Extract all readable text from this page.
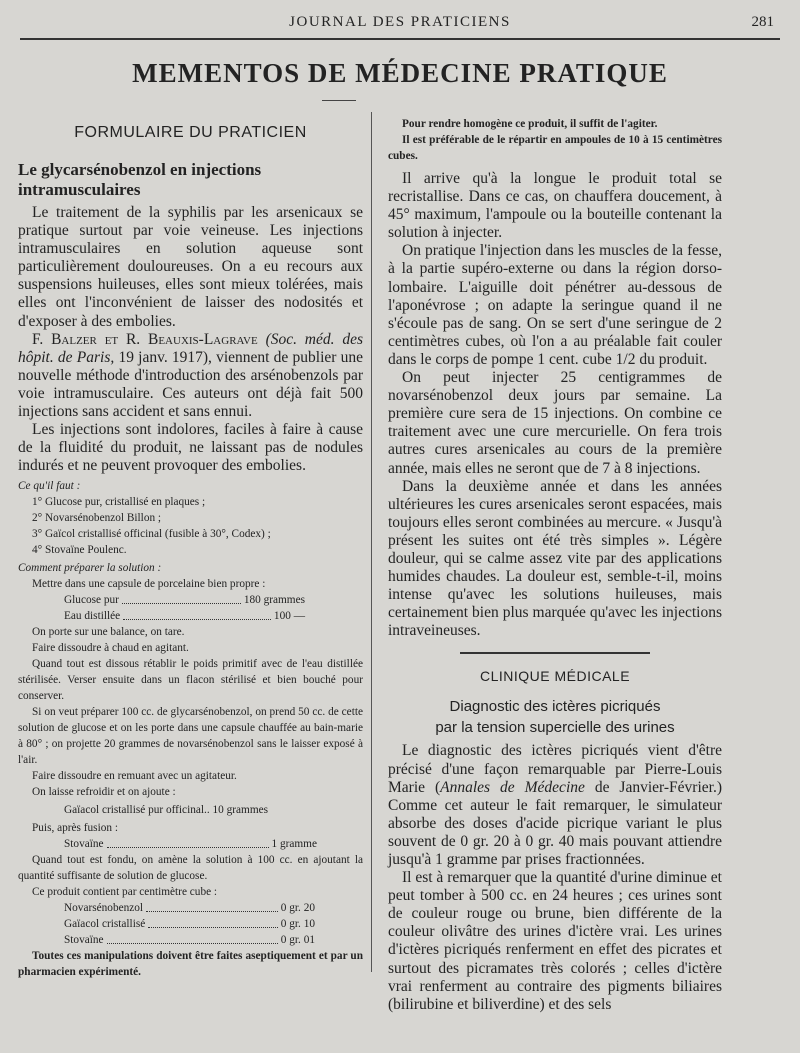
JOURNAL DES PRATICIENS	281
MEMENTOS DE MÉDECINE PRATIQUE
FORMULAIRE DU PRATICIEN
Le glycarsénobenzol en injections intramusculaires

Le traitement de la syphilis par les arsenicaux se pratique surtout par voie veineuse. Les injections intramusculaires en solution aqueuse sont particulièrement douloureuses. On a eu recours aux suspensions huileuses, elles sont mieux tolérées, mais elles ont l'inconvénient de laisser des nodosités et d'exposer à des embolies.

F. Balzer et R. Beauxis-Lagrave (Soc. méd. des hôpit. de Paris, 19 janv. 1917), viennent de publier une nouvelle méthode d'introduction des arsénobenzols par voie intramusculaire. Ces auteurs ont déjà fait 500 injections sans accident et sans ennui.

Les injections sont indolores, faciles à faire à cause de la fluidité du produit, ne laissant pas de nodules indurés et ne peuvent provoquer des embolies.

Ce qu'il faut :

1° Glucose pur, cristallisé en plaques ;

2° Novarsénobenzol Billon ;

3° Gaïcol cristallisé officinal (fusible à 30°, Codex) ;

4° Stovaïne Poulenc.

Comment préparer la solution :

Mettre dans une capsule de porcelaine bien propre :

Glucose pur	180 grammes
Eau distillée	100 —

On porte sur une balance, on tare.

Faire dissoudre à chaud en agitant.

Quand tout est dissous rétablir le poids primitif avec de l'eau distillée stérilisée. Verser ensuite dans un flacon stérilisé et bien bouché pour conserver.

Si on veut préparer 100 cc. de glycarsénobenzol, on prend 50 cc. de cette solution de glucose et on les porte dans une capsule chauffée au bain-marie à 80° ; on projette 20 grammes de novarsénobenzol sans le laisser exposé à l'air.

Faire dissoudre en remuant avec un agitateur.

On laisse refroidir et on ajoute :

Gaïacol cristallisé pur officinal.. 10 grammes

Puis, après fusion :

Stovaïne	1 gramme

Quand tout est fondu, on amène la solution à 100 cc. en ajoutant la quantité suffisante de solution de glucose.

Ce produit contient par centimètre cube :

Novarsénobenzol	0 gr. 20
Gaïacol cristallisé	0 gr. 10
Stovaïne	0 gr. 01

Toutes ces manipulations doivent être faites aseptiquement et par un pharmacien expérimenté.

Pour rendre homogène ce produit, il suffit de l'agiter.

Il est préférable de le répartir en ampoules de 10 à 15 centimètres cubes.

Il arrive qu'à la longue le produit total se recristallise. Dans ce cas, on chauffera doucement, à 45° maximum, l'ampoule ou la bouteille contenant la solution à injecter.

On pratique l'injection dans les muscles de la fesse, à la partie supéro-externe ou dans la région dorso-lombaire. L'aiguille doit pénétrer au-dessous de l'aponévrose ; on adapte la seringue quand il ne s'écoule pas de sang. On se sert d'une seringue de 2 centimètres cubes, où l'on a au préalable fait couler dans le corps de pompe 1 cent. cube 1/2 du produit.

On peut injecter 25 centigrammes de novarsénobenzol deux jours par semaine. La première cure sera de 15 injections. On combine ce traitement avec une cure mercurielle. On fera trois autres cures arsenicales au cours de la première année, mais elles ne seront que de 7 à 8 injections.

Dans la deuxième année et dans les années ultérieures les cures arsenicales seront espacées, mais toujours elles seront combinées au mercure. « Jusqu'à présent les suites ont été très simples ». Légère douleur, qui se calme assez vite par des applications humides chaudes. La douleur est, semble-t-il, moins intense qu'avec les solutions huileuses, mais certainement bien plus marquée qu'avec les injections intraveineuses.

CLINIQUE MÉDICALE
Diagnostic des ictères picriqués
par la tension supercielle des urines

Le diagnostic des ictères picriqués vient d'être précisé d'une façon remarquable par Pierre-Louis Marie (Annales de Médecine de Janvier-Février.) Comme cet auteur le fait remarquer, le simulateur absorbe des doses d'acide picrique variant le plus souvent de 0 gr. 20 à 0 gr. 40 mais pouvant attiendre jusqu'à 1 gramme par prises fractionnées.

Il est à remarquer que la quantité d'urine diminue et peut tomber à 500 cc. en 24 heures ; ces urines sont de couleur rouge ou brune, bien différente de la couleur olivâtre des urines d'ictère vrai. Les urines d'ictères picriqués renferment en effet des picrates et surtout des picramates très colorés ; celles d'ictère vrai renferment au contraire des pigments biliaires (bilirubine et biliverdine) et des sels
